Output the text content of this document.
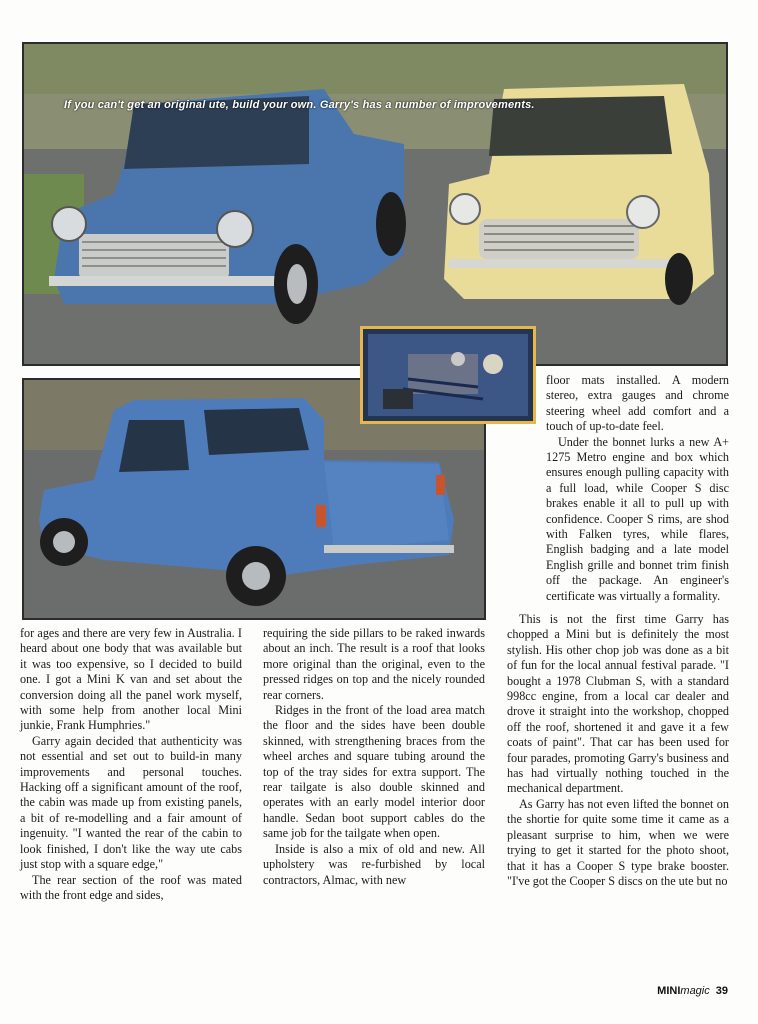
If you can't get an original ute, build your own. Garry's has a number of improvements.

for ages and there are very few in Australia. I heard about one body that was available but it was too expensive, so I decided to build one. I got a Mini K van and set about the conversion doing all the panel work myself, with some help from another local Mini junkie, Frank Humphries."

Garry again decided that authenticity was not essential and set out to build-in many improvements and personal touches. Hacking off a significant amount of the roof, the cabin was made up from existing panels, a bit of re-modelling and a fair amount of ingenuity. "I wanted the rear of the cabin to look finished, I don't like the way ute cabs just stop with a square edge,"

The rear section of the roof was mated with the front edge and sides,

requiring the side pillars to be raked inwards about an inch. The result is a roof that looks more original than the original, even to the pressed ridges on top and the nicely rounded rear corners.

Ridges in the front of the load area match the floor and the sides have been double skinned, with strengthening braces from the wheel arches and square tubing around the top of the tray sides for extra support. The rear tailgate is also double skinned and operates with an early model interior door handle. Sedan boot support cables do the same job for the tailgate when open.

Inside is also a mix of old and new. All upholstery was re-furbished by local contractors, Almac, with new

floor mats installed. A modern stereo, extra gauges and chrome steering wheel add comfort and a touch of up-to-date feel.

Under the bonnet lurks a new A+ 1275 Metro engine and box which ensures enough pulling capacity with a full load, while Cooper S disc brakes enable it all to pull up with confidence. Cooper S rims, are shod with Falken tyres, while flares, English badging and a late model English grille and bonnet trim finish off the package. An engineer's certificate was virtually a formality.

This is not the first time Garry has chopped a Mini but is definitely the most stylish. His other chop job was done as a bit of fun for the local annual festival parade. "I bought a 1978 Clubman S, with a standard 998cc engine, from a local car dealer and drove it straight into the workshop, chopped off the roof, shortened it and gave it a few coats of paint". That car has been used for four parades, promoting Garry's business and has had virtually nothing touched in the mechanical department.

As Garry has not even lifted the bonnet on the shortie for quite some time it came as a pleasant surprise to him, when we were trying to get it started for the photo shoot, that it has a Cooper S type brake booster. "I've got the Cooper S discs on the ute but no

MINImagic 39
